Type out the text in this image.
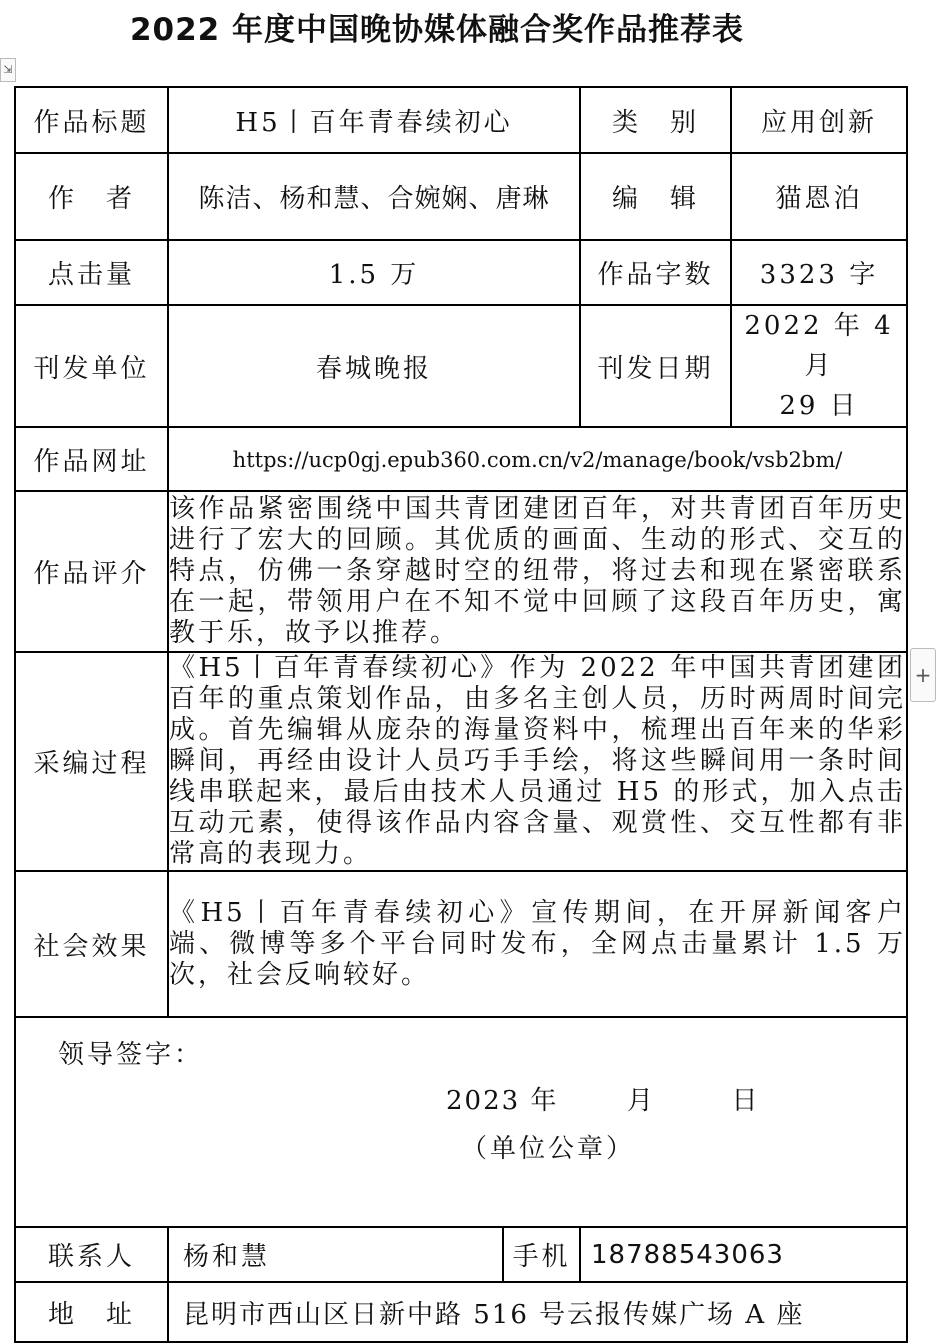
2022 年度中国晚协媒体融合奖作品推荐表
⇲
作品标题	H5丨百年青春续初心		类　别	应用创新
作　者	陈洁、杨和慧、合婉娴、唐琳		编　辑	猫恩泊
点击量	1.5 万		作品字数	3323 字
刊发单位	春城晚报		刊发日期	2022 年 4 月
29 日

作品网址	https://ucp0gj.epub360.com.cn/v2/manage/book/vsb2bm/			
作品评介	该作品紧密围绕中国共青团建团百年，对共青团百年历史进行了宏大的回顾。其优质的画面、生动的形式、交互的特点，仿佛一条穿越时空的纽带，将过去和现在紧密联系在一起，带领用户在不知不觉中回顾了这段百年历史，寓教于乐，故予以推荐。			
采编过程	《H5丨百年青春续初心》作为 2022 年中国共青团建团百年的重点策划作品，由多名主创人员，历时两周时间完成。首先编辑从庞杂的海量资料中，梳理出百年来的华彩瞬间，再经由设计人员巧手手绘，将这些瞬间用一条时间线串联起来，最后由技术人员通过 H5 的形式，加入点击互动元素，使得该作品内容含量、观赏性、交互性都有非常高的表现力。			
社会效果	《H5丨百年青春续初心》宣传期间，在开屏新闻客户端、微博等多个平台同时发布，全网点击量累计 1.5 万次，社会反响较好。			

领导签字：
2023 年 月 日
（单位公章）				

联系人	杨和慧	手机	18788543063	
地　址	昆明市西山区日新中路 516 号云报传媒广场 A 座			
+
